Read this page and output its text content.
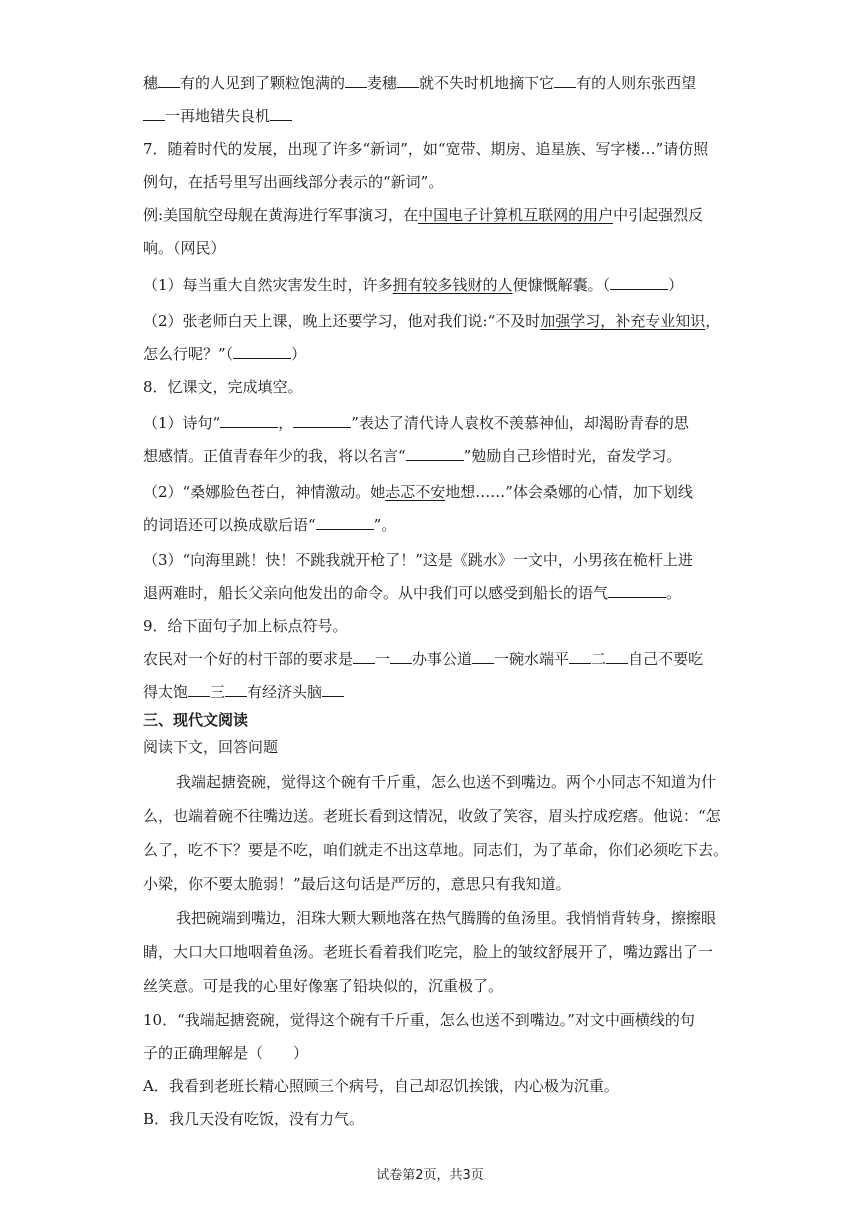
穗 有的人见到了颗粒饱满的 麦穗 就不失时机地摘下它 有的人则东张西望
一再地错失良机
7．随着时代的发展，出现了许多“新词”，如“宽带、期房、追星族、写字楼…”请仿照
例句，在括号里写出画线部分表示的“新词”。
例:美国航空母舰在黄海进行军事演习，在中国电子计算机互联网的用户中引起强烈反
响。（网民）
（1）每当重大自然灾害发生时，许多拥有较多钱财的人便慷慨解囊。（	）
（2）张老师白天上课，晚上还要学习，他对我们说:“不及时加强学习，补充专业知识，
怎么行呢？”（	）
8．忆课文，完成填空。
（1）诗句“	，	”表达了清代诗人袁枚不羡慕神仙，却渴盼青春的思
想感情。正值青春年少的我，将以名言“	”勉励自己珍惜时光，奋发学习。
（2）“桑娜脸色苍白，神情激动。她忐忑不安地想……”体会桑娜的心情，加下划线
的词语还可以换成歇后语“	”。
（3）“向海里跳！快！不跳我就开枪了！”这是《跳水》一文中，小男孩在桅杆上进
退两难时，船长父亲向他发出的命令。从中我们可以感受到船长的语气	。
9．给下面句子加上标点符号。
农民对一个好的村干部的要求是 一 办事公道 一碗水端平 二 自己不要吃
得太饱 三 有经济头脑
三、现代文阅读
阅读下文，回答问题
我端起搪瓷碗，觉得这个碗有千斤重，怎么也送不到嘴边。两个小同志不知道为什
么，也端着碗不往嘴边送。老班长看到这情况，收敛了笑容，眉头拧成疙瘩。他说：“怎
么了，吃不下？要是不吃，咱们就走不出这草地。同志们，为了革命，你们必须吃下去。
小梁，你不要太脆弱！”最后这句话是严厉的，意思只有我知道。
我把碗端到嘴边，泪珠大颗大颗地落在热气腾腾的鱼汤里。我悄悄背转身，擦擦眼
睛，大口大口地咽着鱼汤。老班长看着我们吃完，脸上的皱纹舒展开了，嘴边露出了一
丝笑意。可是我的心里好像塞了铅块似的，沉重极了。
10．“我端起搪瓷碗，觉得这个碗有千斤重，怎么也送不到嘴边。”对文中画横线的句
子的正确理解是（　　）
A．我看到老班长精心照顾三个病号，自己却忍饥挨饿，内心极为沉重。
B．我几天没有吃饭，没有力气。
试卷第2页，共3页
